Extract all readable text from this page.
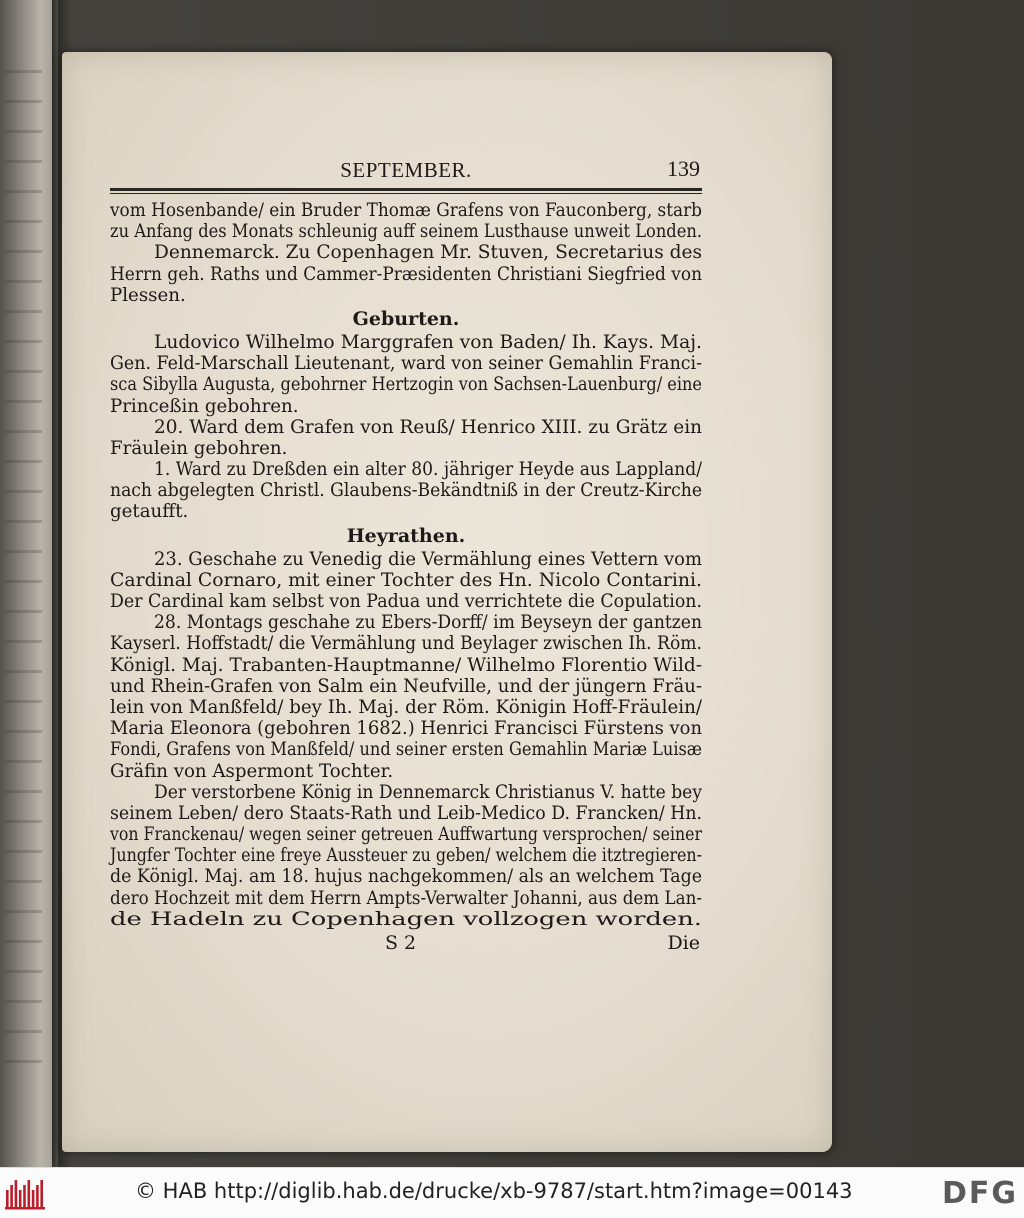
SEPTEMBER.	139
vom Hosenbande/ ein Bruder Thomæ Grafens von Fauconberg, starb
zu Anfang des Monats schleunig auff seinem Lusthause unweit Londen.
Dennemarck. Zu Copenhagen Mr. Stuven, Secretarius des
Herrn geh. Raths und Cammer-Præsidenten Christiani Siegfried von
Plessen.
Geburten.
Ludovico Wilhelmo Marggrafen von Baden/ Ih. Kays. Maj.
Gen. Feld-Marschall Lieutenant, ward von seiner Gemahlin Franci-
sca Sibylla Augusta, gebohrner Hertzogin von Sachsen-Lauenburg/ eine
Princeßin gebohren.
20. Ward dem Grafen von Reuß/ Henrico XIII. zu Grätz ein
Fräulein gebohren.
1. Ward zu Dreßden ein alter 80. jähriger Heyde aus Lappland/
nach abgelegten Christl. Glaubens-Bekändtniß in der Creutz-Kirche
getaufft.
Heyrathen.
23. Geschahe zu Venedig die Vermählung eines Vettern vom
Cardinal Cornaro, mit einer Tochter des Hn. Nicolo Contarini.
Der Cardinal kam selbst von Padua und verrichtete die Copulation.
28. Montags geschahe zu Ebers-Dorff/ im Beyseyn der gantzen
Kayserl. Hoffstadt/ die Vermählung und Beylager zwischen Ih. Röm.
Königl. Maj. Trabanten-Hauptmanne/ Wilhelmo Florentio Wild-
und Rhein-Grafen von Salm ein Neufville, und der jüngern Fräu-
lein von Manßfeld/ bey Ih. Maj. der Röm. Königin Hoff-Fräulein/
Maria Eleonora (gebohren 1682.) Henrici Francisci Fürstens von
Fondi, Grafens von Manßfeld/ und seiner ersten Gemahlin Mariæ Luisæ
Gräfin von Aspermont Tochter.
Der verstorbene König in Dennemarck Christianus V. hatte bey
seinem Leben/ dero Staats-Rath und Leib-Medico D. Francken/ Hn.
von Franckenau/ wegen seiner getreuen Auffwartung versprochen/ seiner
Jungfer Tochter eine freye Aussteuer zu geben/ welchem die itztregieren-
de Königl. Maj. am 18. hujus nachgekommen/ als an welchem Tage
dero Hochzeit mit dem Herrn Ampts-Verwalter Johanni, aus dem Lan-
de Hadeln zu Copenhagen vollzogen worden.
S 2	Die
© HAB http://diglib.hab.de/drucke/xb-9787/start.htm?image=00143	DFG
